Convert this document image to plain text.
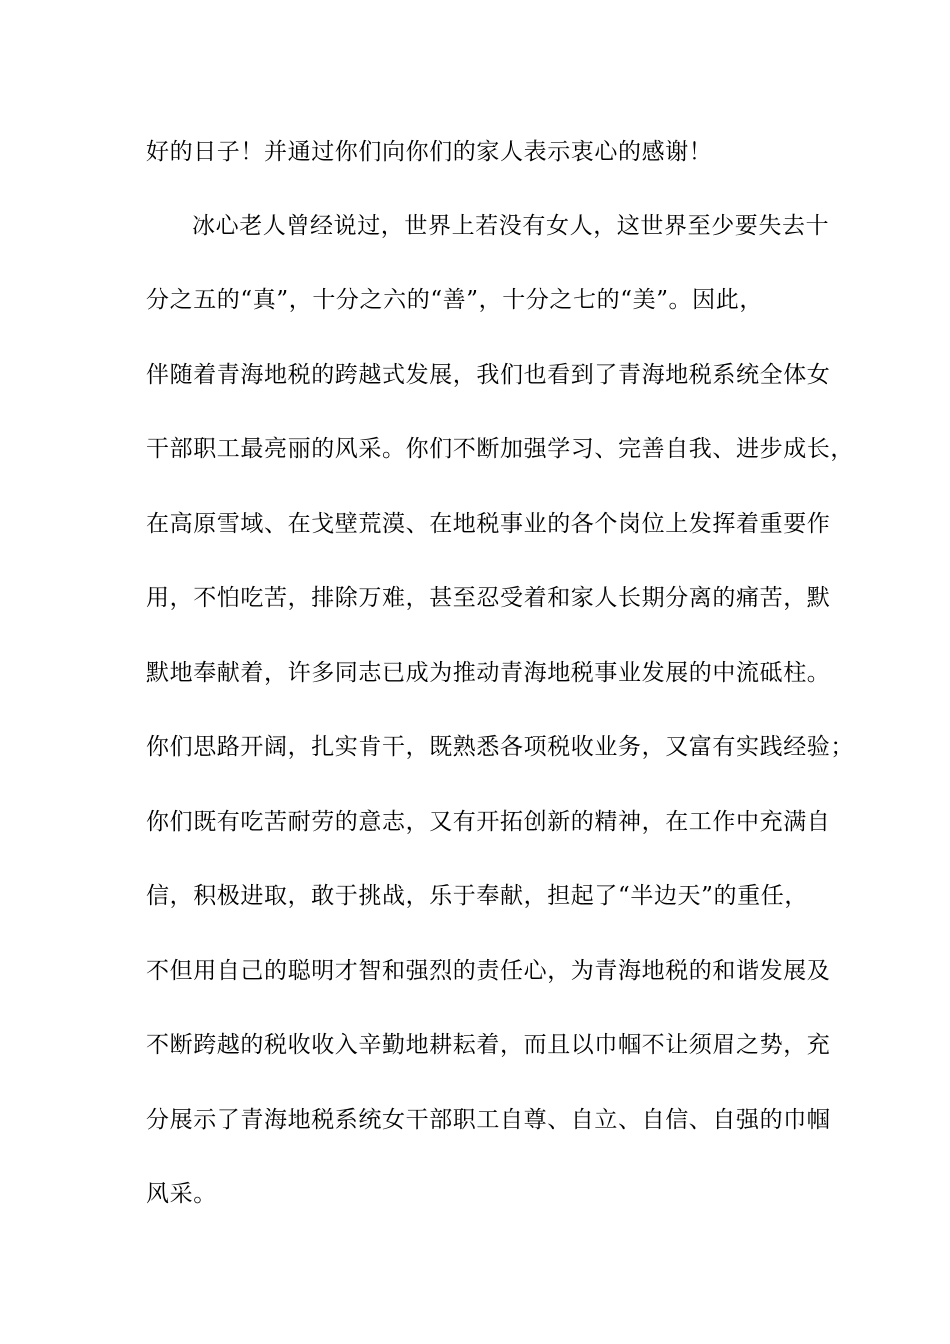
好的日子！并通过你们向你们的家人表示衷心的感谢！

冰心老人曾经说过，世界上若没有女人，这世界至少要失去十

分之五的“真”，十分之六的“善”，十分之七的“美”。因此，

伴随着青海地税的跨越式发展，我们也看到了青海地税系统全体女

干部职工最亮丽的风采。你们不断加强学习、完善自我、进步成长，

在高原雪域、在戈壁荒漠、在地税事业的各个岗位上发挥着重要作

用，不怕吃苦，排除万难，甚至忍受着和家人长期分离的痛苦，默

默地奉献着，许多同志已成为推动青海地税事业发展的中流砥柱。

你们思路开阔，扎实肯干，既熟悉各项税收业务，又富有实践经验；

你们既有吃苦耐劳的意志，又有开拓创新的精神，在工作中充满自

信，积极进取，敢于挑战，乐于奉献，担起了“半边天”的重任，

不但用自己的聪明才智和强烈的责任心，为青海地税的和谐发展及

不断跨越的税收收入辛勤地耕耘着，而且以巾帼不让须眉之势，充

分展示了青海地税系统女干部职工自尊、自立、自信、自强的巾帼

风采。
